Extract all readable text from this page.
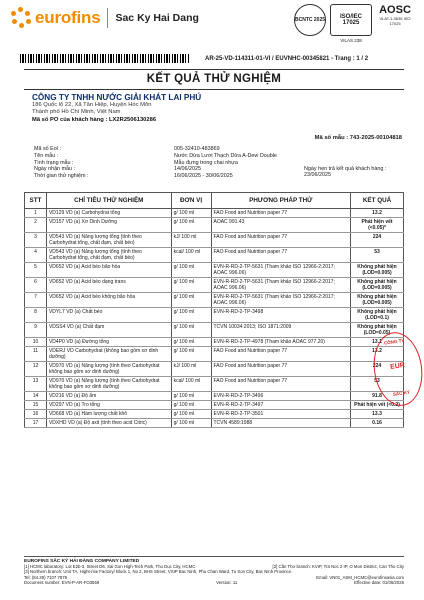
eurofins Sac Ky Hai Dang	BCNTC 2025 ISO/IEC
17025
VILAS 238
AOSC
VLAT-1.0635 ISO 17025
AR-25-VD-114311-01-VI / EUVNHC-00345821 - Trang : 1 / 2
KẾT QUẢ THỬ NGHIỆM
CÔNG TY TNHH NƯỚC GIẢI KHÁT LAI PHÚ
186 Quốc lộ 22, Xã Tân Hiệp, Huyện Hóc Môn
Thành phố Hồ Chí Minh, Việt Nam
Mã số PO của khách hàng : LX2R2506130286
Mã số mẫu : 743-2025-00104818
Mã số Eol :	005-32410-483869
Tên mẫu :	Nước Dừa Lươi Thạch Dừa A-Dew Double
Tình trạng mẫu :	Mẫu đựng trong chai nhựa
Ngày nhận mẫu :	14/06/2025	Ngày hẹn trả kết quả khách hàng : 23/06/2025
Thời gian thử nghiệm :	16/06/2025 - 30/06/2025
STT	CHỈ TIÊU THỬ NGHIỆM	ĐƠN VỊ	PHƯƠNG PHÁP THỬ	KẾT QUẢ
1	VD129 VD (a) Carbohydrat tổng	g/ 100 ml	FAO Food and Nutrition paper 77	13.2
2	VD157 VD (a) Xơ Dinh Dưỡng	g/ 100 ml	AOAC 991.43	Phát hiện vết (<0.05)*
3	VD543 VD (a) Năng lượng tổng (tính theo Carbohydrat tổng, chất đạm, chất béo)	kJ/ 100 ml	FAO Food and Nutrition paper 77	224
4	VD543 VD (a) Năng lượng tổng (tính theo Carbohydrat tổng, chất đạm, chất béo)	kcal/ 100 ml	FAO Food and Nutrition paper 77	53
5	VD652 VD (a) Acid béo bão hòa	g/ 100 ml	EVN-R-RD-2-TP-5631 (Tham khảo ISO 12966-2:2017; AOAC 996.06)	Không phát hiện (LOD=0.005)
6	VD652 VD (a) Acid béo dạng trans	g/ 100 ml	EVN-R-RD-2-TP-5631 (Tham khảo ISO 12966-2:2017; AOAC 996.06)	Không phát hiện (LOD=0.005)
7	VD652 VD (a) Acid béo không bão hòa	g/ 100 ml	EVN-R-RD-2-TP-5631 (Tham khảo ISO 12966-2:2017; AOAC 996.06)	Không phát hiện (LOD=0.005)
8	VDYL7 VD (a) Chất béo	g/ 100 ml	EVN-R-RD-2-TP-3498	Không phát hiện (LOD=0.1)
9	VDSS4 VD (a) Chất đạm	g/ 100 ml	TCVN 10034:2013; ISO 1871:2009	Không phát hiện (LOD=0.05)
10	VD4P0 VD (a) Đường tổng	g/ 100 ml	EVN-R-RD-2-TP-4978 (Tham khảo AOAC 977.20)	13.1
11	VDERJ VD Carbohydrat (không bao gồm xơ dinh dưỡng)	g/ 100 ml	FAO Food and Nutrition paper 77	13.2
12	VD970 VD (a) Năng lượng (tính theo Carbohydrat không bao gồm xơ dinh dưỡng)	kJ/ 100 ml	FAO Food and Nutrition paper 77	224
13	VD970 VD (a) Năng lượng (tính theo Carbohydrat không bao gồm xơ dinh dưỡng)	kcal/ 100 ml	FAO Food and Nutrition paper 77	53
14	VD216 VD (a) Độ ẩm	g/ 100 ml	EVN-R-RD-2-TP-3496	91.8
15	VD297 VD (a) Tro tổng	g/ 100 ml	EVN-R-RD-2-TP-3497	Phát hiện vết (<0.2)
16	VD668 VD (a) Hàm lượng chất khô	g/ 100 ml	EVN-R-RD-2-TP-3501	13.3
17	VDXHD VD (a) Độ axit (tính theo acid Citric)	g/ 100 ml	TCVN 4589:1988	0.16
CÔNG TY
EUR
SẮC KÝ
EUROFINS SẮC KÝ HẢI ĐĂNG COMPANY LIMITED
[1] HCMC laboratory: Lot E2b-3, Street D6, Sai Gon High-Tech Park, Thu Duc City, HCMC	[2] Cần Thơ branch: KVIP, Tra Noc 2 IP, O Mon District, Can Tho City
[3] Northern branch: Unit TA, Hight-rise Factory/ Block 1, No 2, BHS Street, VSIP Bac Ninh, Phu Chan Ward, Tu Son City, Bac Ninh Province.
Tel: (84.28) 7107 7879	Email: VN01_ASM_HCMC@eurofinsasia.com
Document number: EVN-P-AR-FO3559	Version: 11	Effective date: 01/06/2025
